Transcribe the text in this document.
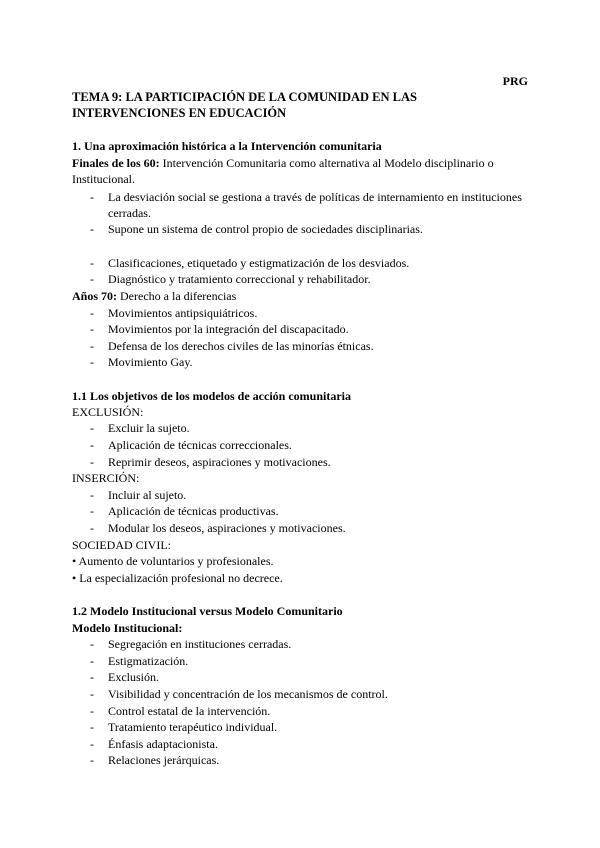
PRG
TEMA 9: LA PARTICIPACIÓN DE LA COMUNIDAD EN LAS INTERVENCIONES EN EDUCACIÓN
1. Una aproximación histórica a la Intervención comunitaria
Finales de los 60: Intervención Comunitaria como alternativa al Modelo disciplinario o Institucional.
- La desviación social se gestiona a través de políticas de internamiento en instituciones cerradas.
- Supone un sistema de control propio de sociedades disciplinarias.
- Clasificaciones, etiquetado y estigmatización de los desviados.
- Diagnóstico y tratamiento correccional y rehabilitador.
Años 70: Derecho a la diferencias
- Movimientos antipsiquiátricos.
- Movimientos por la integración del discapacitado.
- Defensa de los derechos civiles de las minorías étnicas.
- Movimiento Gay.
1.1 Los objetivos de los modelos de acción comunitaria
EXCLUSIÓN:
- Excluir la sujeto.
- Aplicación de técnicas correccionales.
- Reprimir deseos, aspiraciones y motivaciones.
INSERCIÓN:
- Incluir al sujeto.
- Aplicación de técnicas productivas.
- Modular los deseos, aspiraciones y motivaciones.
SOCIEDAD CIVIL:
• Aumento de voluntarios y profesionales.
• La especialización profesional no decrece.
1.2 Modelo Institucional versus Modelo Comunitario
Modelo Institucional:
- Segregación en instituciones cerradas.
- Estigmatización.
- Exclusión.
- Visibilidad y concentración de los mecanismos de control.
- Control estatal de la intervención.
- Tratamiento terapéutico individual.
- Énfasis adaptacionista.
- Relaciones jerárquicas.
